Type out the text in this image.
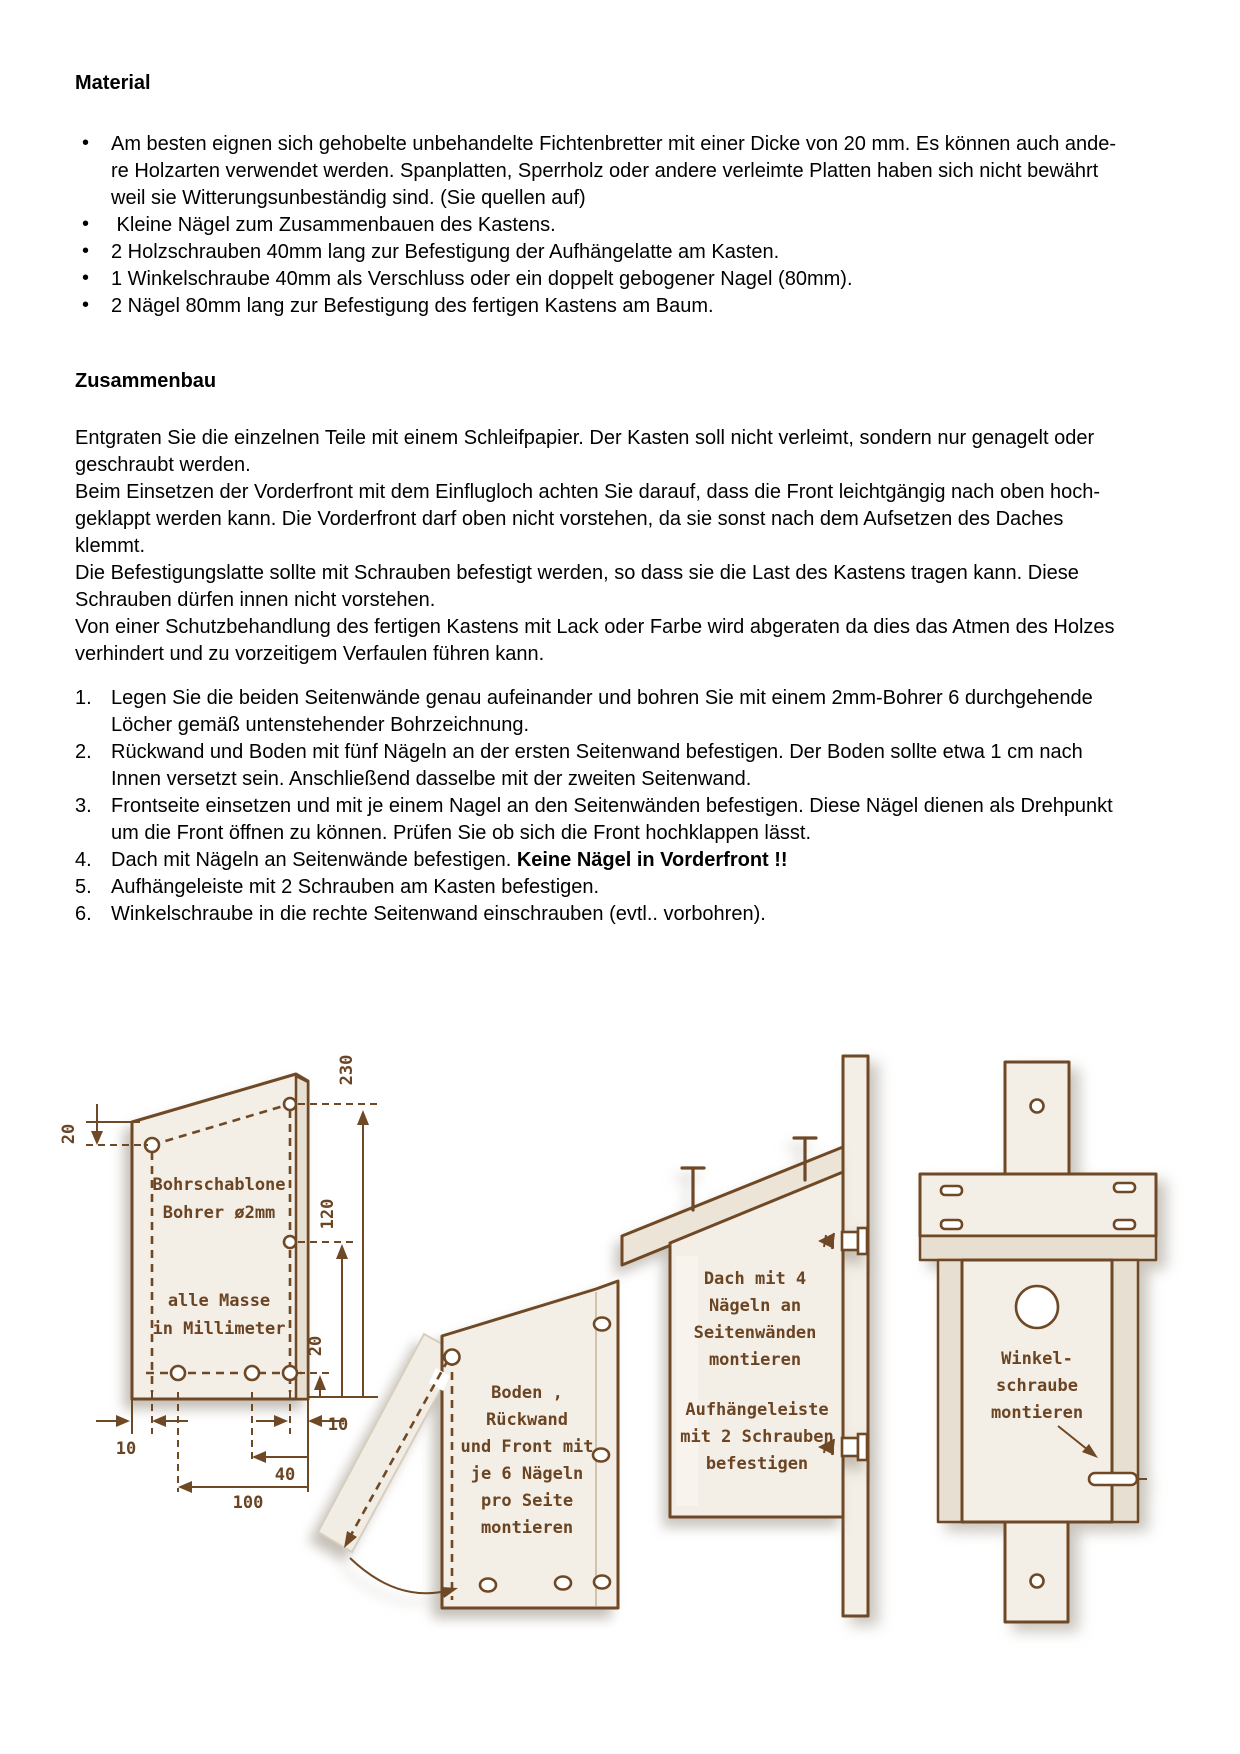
Material
• Am besten eignen sich gehobelte unbehandelte Fichtenbretter mit einer Dicke von 20 mm. Es können auch ande-
re Holzarten verwendet werden. Spanplatten, Sperrholz oder andere verleimte Platten haben sich nicht bewährt
weil sie Witterungsunbeständig sind. (Sie quellen auf)
•  Kleine Nägel zum Zusammenbauen des Kastens.
• 2 Holzschrauben 40mm lang zur Befestigung der Aufhängelatte am Kasten.
• 1 Winkelschraube 40mm als Verschluss oder ein doppelt gebogener Nagel (80mm).
• 2 Nägel 80mm lang zur Befestigung des fertigen Kastens am Baum.
Zusammenbau
Entgraten Sie die einzelnen Teile mit einem Schleifpapier. Der Kasten soll nicht verleimt, sondern nur genagelt oder
geschraubt werden.
Beim Einsetzen der Vorderfront mit dem Einflugloch achten Sie darauf, dass die Front leichtgängig nach oben hoch-
geklappt werden kann. Die Vorderfront darf oben nicht vorstehen, da sie sonst nach dem Aufsetzen des Daches
klemmt.
Die Befestigungslatte sollte mit Schrauben befestigt werden, so dass sie die Last des Kastens tragen kann. Diese
Schrauben dürfen innen nicht vorstehen.
Von einer Schutzbehandlung des fertigen Kastens mit Lack oder Farbe wird abgeraten da dies das Atmen des Holzes
verhindert und zu vorzeitigem Verfaulen führen kann.
1. Legen Sie die beiden Seitenwände genau aufeinander und bohren Sie mit einem 2mm-Bohrer 6 durchgehende
Löcher gemäß untenstehender Bohrzeichnung.
2. Rückwand und Boden mit fünf Nägeln an der ersten Seitenwand befestigen. Der Boden sollte etwa 1 cm nach
Innen versetzt sein. Anschließend dasselbe mit der zweiten Seitenwand.
3. Frontseite einsetzen und mit je einem Nagel an den Seitenwänden befestigen. Diese Nägel dienen als Drehpunkt
um die Front öffnen zu können. Prüfen Sie ob sich die Front hochklappen lässt.
4. Dach mit Nägeln an Seitenwände befestigen. Keine Nägel in Vorderfront !!
5. Aufhängeleiste mit 2 Schrauben am Kasten befestigen.
6. Winkelschraube in die rechte Seitenwand einschrauben (evtl.. vorbohren).
Bohrschablone
Bohrer ø2mm
alle Masse
in Millimeter
20
230
120
20
10
10
40
100
Boden ,
Rückwand
und Front mit
je 6 Nägeln
pro Seite
montieren
Dach mit 4
Nägeln an
Seitenwänden
montieren
Aufhängeleiste
mit 2 Schrauben
befestigen
Winkel-
schraube
montieren
